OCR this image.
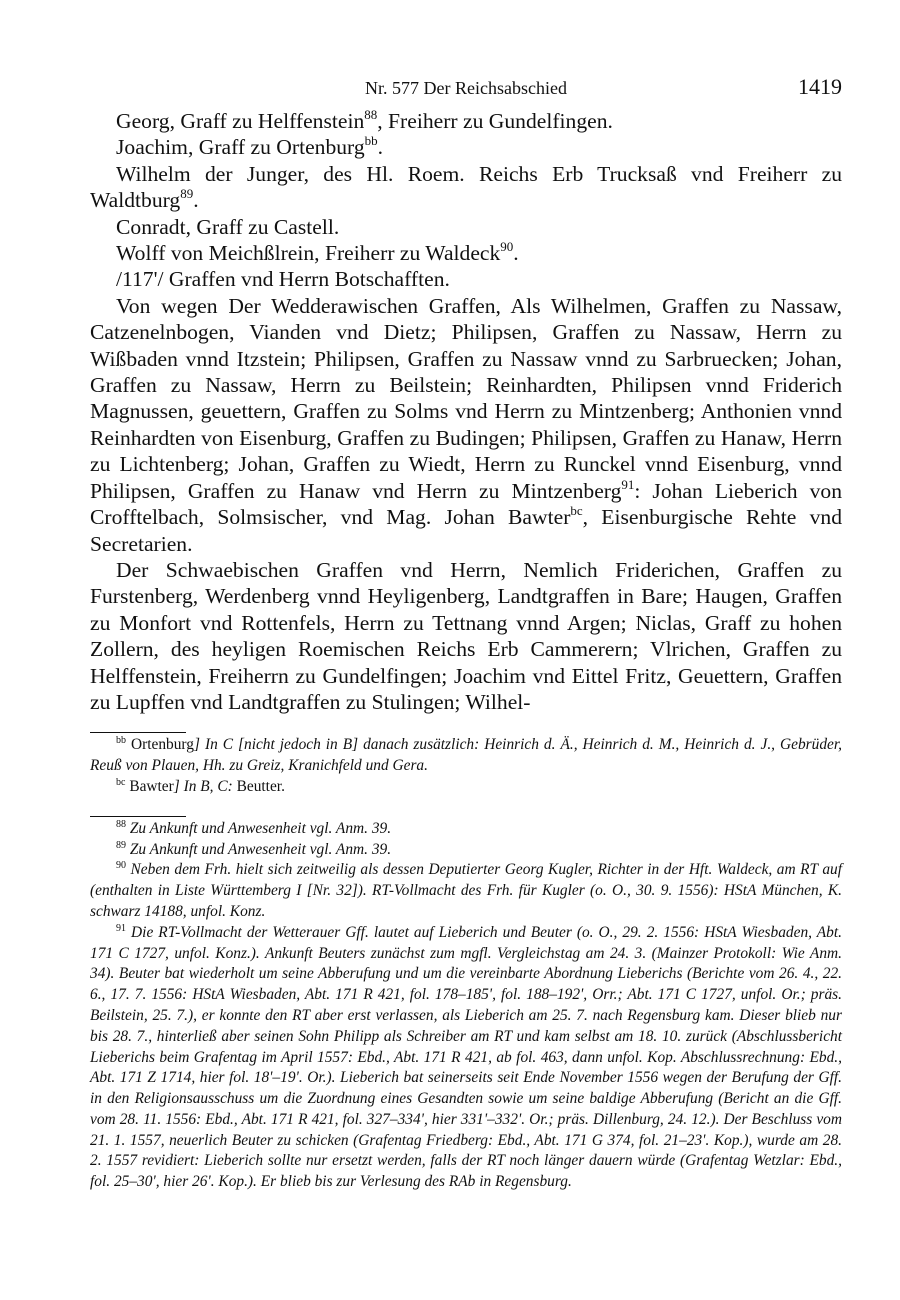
Nr. 577 Der Reichsabschied	1419

Georg, Graff zu Helffenstein$^{88}$, Freiherr zu Gundelfingen.

Joachim, Graff zu Ortenburg$^{bb}$.

Wilhelm der Junger, des Hl. Roem. Reichs Erb Trucksaß vnd Freiherr zu Waldtburg$^{89}$.

Conradt, Graff zu Castell.

Wolff von Meichßlrein, Freiherr zu Waldeck$^{90}$.

/117'/ Graffen vnd Herrn Botschafften.

Von wegen Der Wedderawischen Graffen, Als Wilhelmen, Graffen zu Nassaw, Catzenelnbogen, Vianden vnd Dietz; Philipsen, Graffen zu Nassaw, Herrn zu Wißbaden vnnd Itzstein; Philipsen, Graffen zu Nassaw vnnd zu Sarbruecken; Johan, Graffen zu Nassaw, Herrn zu Beilstein; Reinhardten, Philipsen vnnd Friderich Magnussen, geuettern, Graffen zu Solms vnd Herrn zu Mintzenberg; Anthonien vnnd Reinhardten von Eisenburg, Graffen zu Budingen; Philipsen, Graffen zu Hanaw, Herrn zu Lichtenberg; Johan, Graffen zu Wiedt, Herrn zu Runckel vnnd Eisenburg, vnnd Philipsen, Graffen zu Hanaw vnd Herrn zu Mintzenberg$^{91}$: Johan Lieberich von Crofftelbach, Solmsischer, vnd Mag. Johan Bawter$^{bc}$, Eisenburgische Rehte vnd Secretarien.

Der Schwaebischen Graffen vnd Herrn, Nemlich Friderichen, Graffen zu Furstenberg, Werdenberg vnnd Heyligenberg, Landtgraffen in Bare; Haugen, Graffen zu Monfort vnd Rottenfels, Herrn zu Tettnang vnnd Argen; Niclas, Graff zu hohen Zollern, des heyligen Roemischen Reichs Erb Cammerern; Vlrichen, Graffen zu Helffenstein, Freiherrn zu Gundelfingen; Joachim vnd Eittel Fritz, Geuettern, Graffen zu Lupffen vnd Landtgraffen zu Stulingen; Wilhel-

$^{bb}$ Ortenburg] In C [nicht jedoch in B] danach zusätzlich: Heinrich d. Ä., Heinrich d. M., Heinrich d. J., Gebrüder, Reuß von Plauen, Hh. zu Greiz, Kranichfeld und Gera.

$^{bc}$ Bawter] In B, C: Beutter.

$^{88}$ Zu Ankunft und Anwesenheit vgl. Anm. 39.

$^{89}$ Zu Ankunft und Anwesenheit vgl. Anm. 39.

$^{90}$ Neben dem Frh. hielt sich zeitweilig als dessen Deputierter Georg Kugler, Richter in der Hft. Waldeck, am RT auf (enthalten in Liste Württemberg I [Nr. 32]). RT-Vollmacht des Frh. für Kugler (o. O., 30. 9. 1556): HStA München, K. schwarz 14188, unfol. Konz.

$^{91}$ Die RT-Vollmacht der Wetterauer Gff. lautet auf Lieberich und Beuter (o. O., 29. 2. 1556: HStA Wiesbaden, Abt. 171 C 1727, unfol. Konz.). Ankunft Beuters zunächst zum mgfl. Vergleichstag am 24. 3. (Mainzer Protokoll: Wie Anm. 34). Beuter bat wiederholt um seine Abberufung und um die vereinbarte Abordnung Lieberichs (Berichte vom 26. 4., 22. 6., 17. 7. 1556: HStA Wiesbaden, Abt. 171 R 421, fol. 178–185', fol. 188–192', Orr.; Abt. 171 C 1727, unfol. Or.; präs. Beilstein, 25. 7.), er konnte den RT aber erst verlassen, als Lieberich am 25. 7. nach Regensburg kam. Dieser blieb nur bis 28. 7., hinterließ aber seinen Sohn Philipp als Schreiber am RT und kam selbst am 18. 10. zurück (Abschlussbericht Lieberichs beim Grafentag im April 1557: Ebd., Abt. 171 R 421, ab fol. 463, dann unfol. Kop. Abschlussrechnung: Ebd., Abt. 171 Z 1714, hier fol. 18'–19'. Or.). Lieberich bat seinerseits seit Ende November 1556 wegen der Berufung der Gff. in den Religionsausschuss um die Zuordnung eines Gesandten sowie um seine baldige Abberufung (Bericht an die Gff. vom 28. 11. 1556: Ebd., Abt. 171 R 421, fol. 327–334', hier 331'–332'. Or.; präs. Dillenburg, 24. 12.). Der Beschluss vom 21. 1. 1557, neuerlich Beuter zu schicken (Grafentag Friedberg: Ebd., Abt. 171 G 374, fol. 21–23'. Kop.), wurde am 28. 2. 1557 revidiert: Lieberich sollte nur ersetzt werden, falls der RT noch länger dauern würde (Grafentag Wetzlar: Ebd., fol. 25–30', hier 26'. Kop.). Er blieb bis zur Verlesung des RAb in Regensburg.
